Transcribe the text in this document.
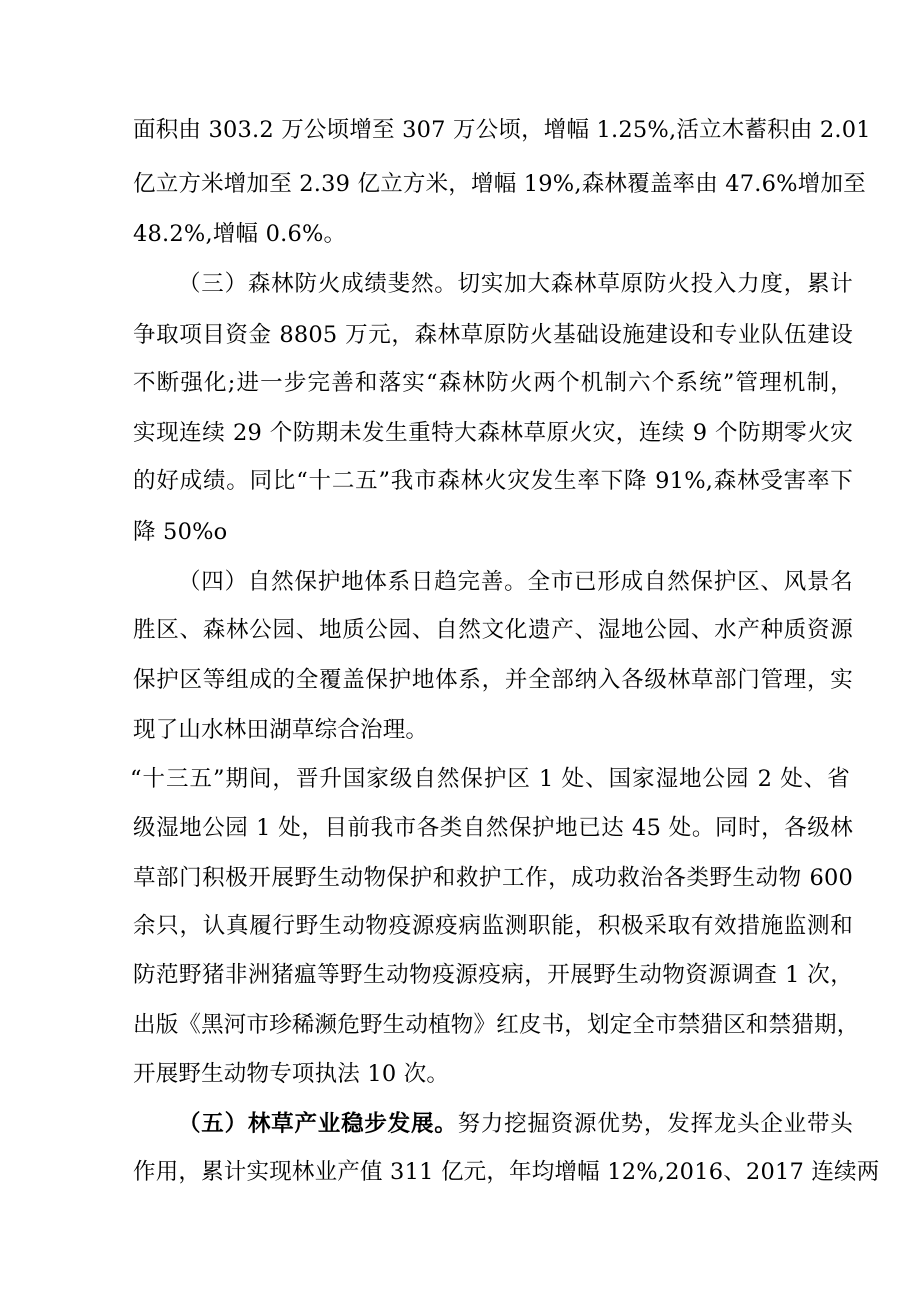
面积由 303.2 万公顷增至 307 万公顷，增幅 1.25%,活立木蓄积由 2.01
亿立方米增加至 2.39 亿立方米，增幅 19%,森林覆盖率由 47.6%增加至
48.2%,增幅 0.6%。
（三）森林防火成绩斐然。切实加大森林草原防火投入力度，累计
争取项目资金 8805 万元，森林草原防火基础设施建设和专业队伍建设
不断强化;进一步完善和落实“森林防火两个机制六个系统”管理机制，
实现连续 29 个防期未发生重特大森林草原火灾，连续 9 个防期零火灾
的好成绩。同比“十二五”我市森林火灾发生率下降 91%,森林受害率下
降 50%o
（四）自然保护地体系日趋完善。全市已形成自然保护区、风景名
胜区、森林公园、地质公园、自然文化遗产、湿地公园、水产种质资源
保护区等组成的全覆盖保护地体系，并全部纳入各级林草部门管理，实
现了山水林田湖草综合治理。
“十三五”期间，晋升国家级自然保护区 1 处、国家湿地公园 2 处、省
级湿地公园 1 处，目前我市各类自然保护地已达 45 处。同时，各级林
草部门积极开展野生动物保护和救护工作，成功救治各类野生动物 600
余只，认真履行野生动物疫源疫病监测职能，积极采取有效措施监测和
防范野猪非洲猪瘟等野生动物疫源疫病，开展野生动物资源调查 1 次，
出版《黑河市珍稀濒危野生动植物》红皮书，划定全市禁猎区和禁猎期，
开展野生动物专项执法 10 次。
（五）林草产业稳步发展。努力挖掘资源优势，发挥龙头企业带头
作用，累计实现林业产值 311 亿元，年均增幅 12%,2016、2017 连续两
